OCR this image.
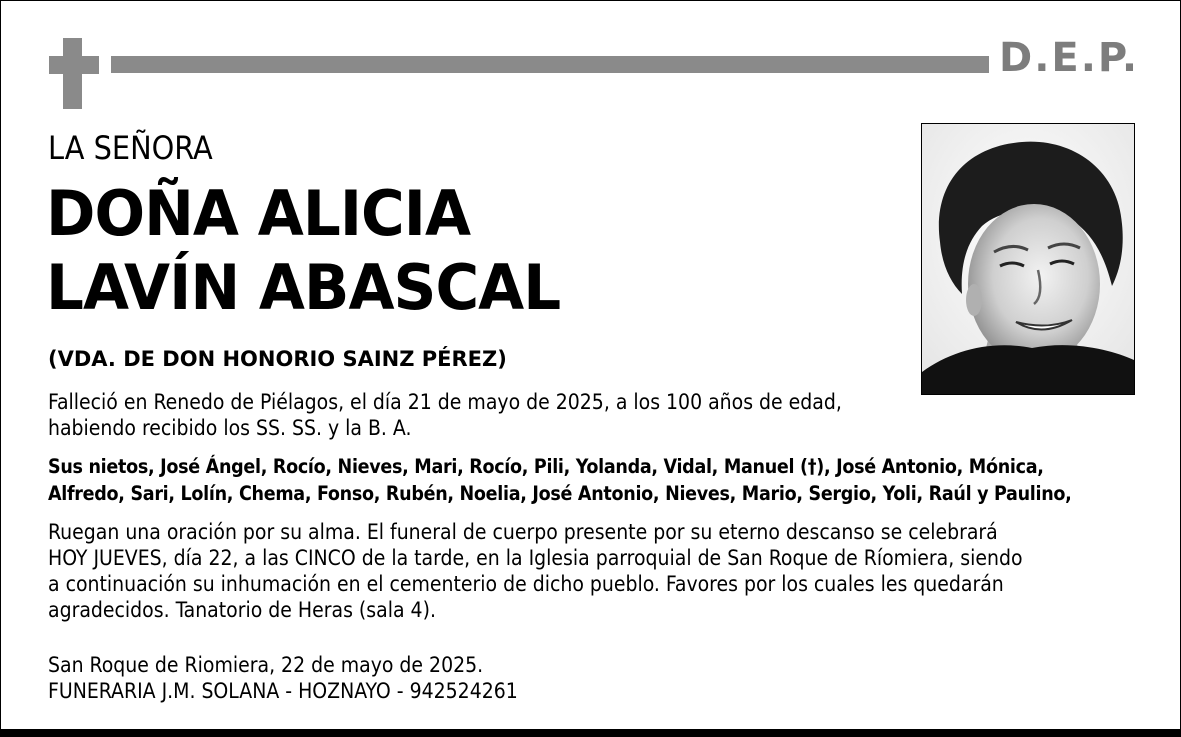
D.E.P.
LA SEÑORA
DOÑA ALICIA
LAVÍN ABASCAL
(VDA. DE DON HONORIO SAINZ PÉREZ)
Falleció en Renedo de Piélagos, el día 21 de mayo de 2025, a los 100 años de edad,
habiendo recibido los SS. SS. y la B. A.
Sus nietos, José Ángel, Rocío, Nieves, Mari, Rocío, Pili, Yolanda, Vidal, Manuel (†), José Antonio, Mónica,
Alfredo, Sari, Lolín, Chema, Fonso, Rubén, Noelia, José Antonio, Nieves, Mario, Sergio, Yoli, Raúl y Paulino,
Ruegan una oración por su alma. El funeral de cuerpo presente por su eterno descanso se celebrará
HOY JUEVES, día 22, a las CINCO de la tarde, en la Iglesia parroquial de San Roque de Ríomiera, siendo
a continuación su inhumación en el cementerio de dicho pueblo. Favores por los cuales les quedarán
agradecidos. Tanatorio de Heras (sala 4).
San Roque de Riomiera, 22 de mayo de 2025.
FUNERARIA J.M. SOLANA - HOZNAYO - 942524261
